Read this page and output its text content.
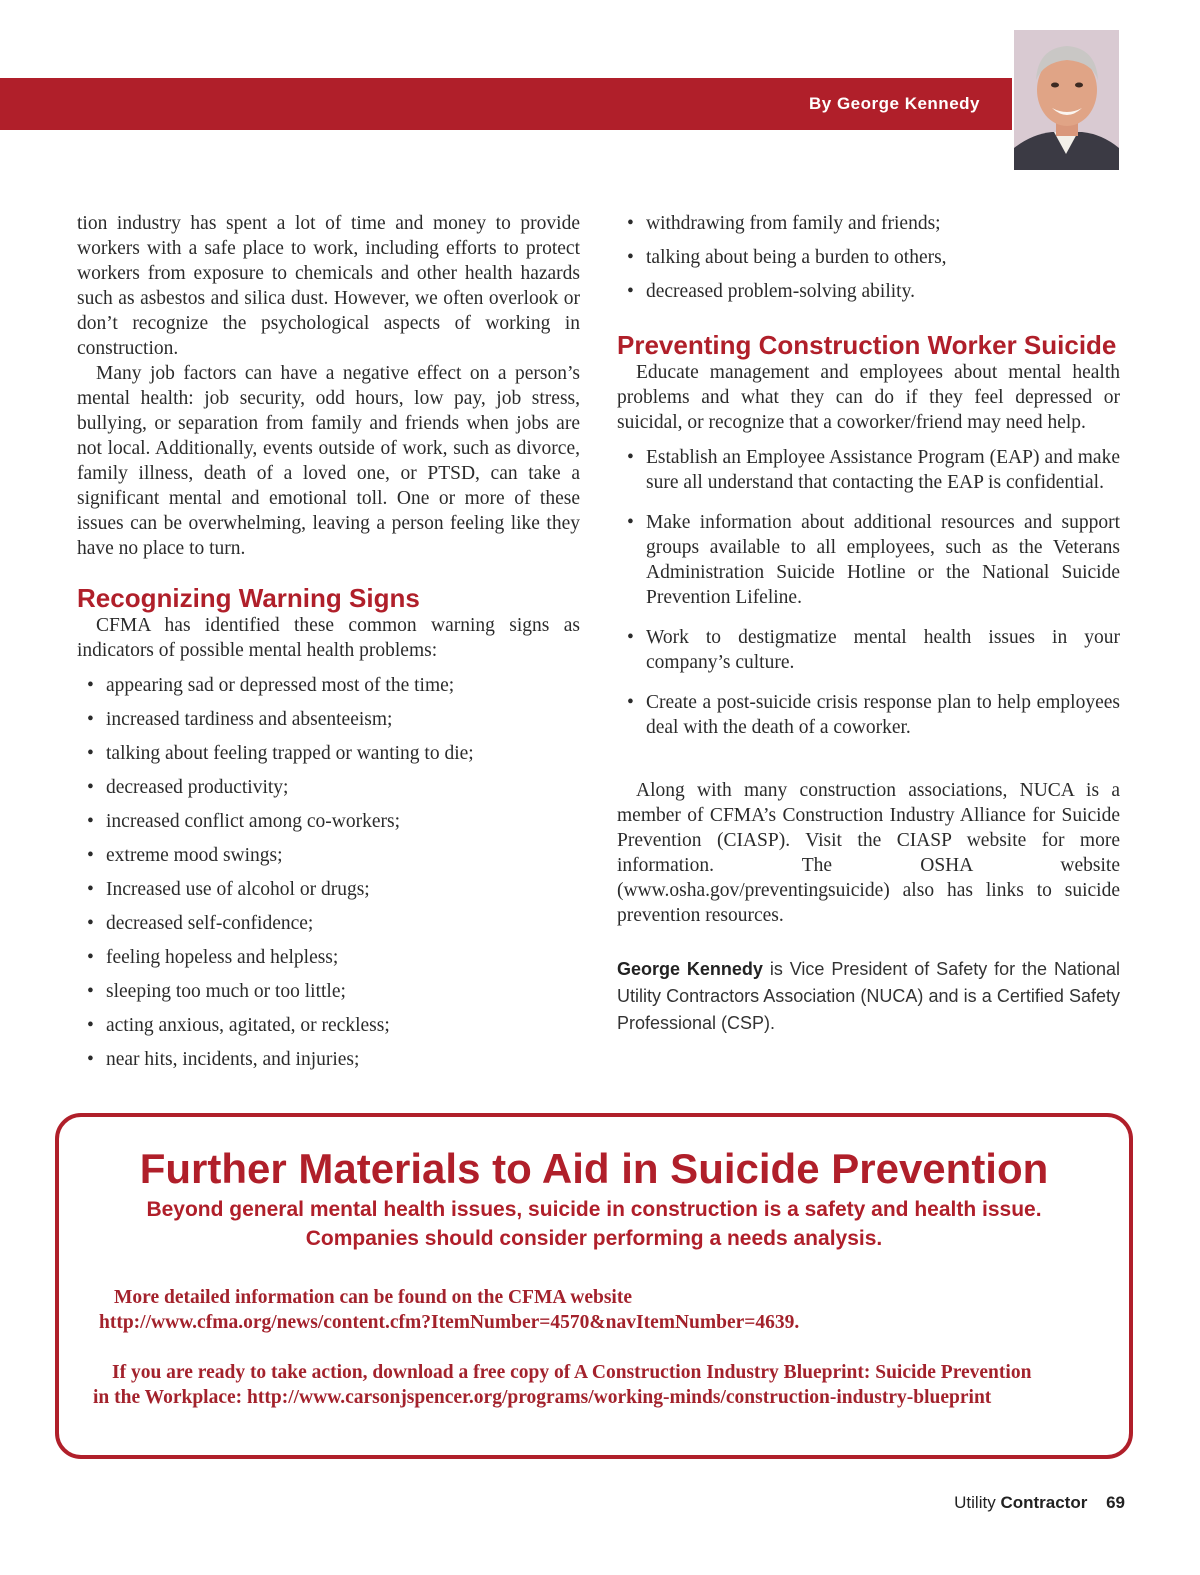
By George Kennedy

tion industry has spent a lot of time and money to provide workers with a safe place to work, including efforts to protect workers from exposure to chemicals and other health hazards such as asbestos and silica dust. However, we often overlook or don’t recognize the psychological aspects of working in construction.

Many job factors can have a negative effect on a person’s mental health: job security, odd hours, low pay, job stress, bullying, or separation from family and friends when jobs are not local. Additionally, events outside of work, such as divorce, family illness, death of a loved one, or PTSD, can take a significant mental and emotional toll. One or more of these issues can be overwhelming, leaving a person feeling like they have no place to turn.

Recognizing Warning Signs

CFMA has identified these common warning signs as indicators of possible mental health problems:

• appearing sad or depressed most of the time;
• increased tardiness and absenteeism;
• talking about feeling trapped or wanting to die;
• decreased productivity;
• increased conflict among co-workers;
• extreme mood swings;
• Increased use of alcohol or drugs;
• decreased self-confidence;
• feeling hopeless and helpless;
• sleeping too much or too little;
• acting anxious, agitated, or reckless;
• near hits, incidents, and injuries;
• withdrawing from family and friends;
• talking about being a burden to others,
• decreased problem-solving ability.
Preventing Construction Worker Suicide

Educate management and employees about mental health problems and what they can do if they feel depressed or suicidal, or recognize that a coworker/friend may need help.

• Establish an Employee Assistance Program (EAP) and make sure all understand that contacting the EAP is confidential.
• Make information about additional resources and support groups available to all employees, such as the Veterans Administration Suicide Hotline or the National Suicide Prevention Lifeline.
• Work to destigmatize mental health issues in your company’s culture.
• Create a post-suicide crisis response plan to help employees deal with the death of a coworker.

Along with many construction associations, NUCA is a member of CFMA’s Construction Industry Alliance for Suicide Prevention (CIASP). Visit the CIASP website for more information. The OSHA website (www.osha.gov/preventingsuicide) also has links to suicide prevention resources.

George Kennedy is Vice President of Safety for the National Utility Contractors Association (NUCA) and is a Certified Safety Professional (CSP).

Further Materials to Aid in Suicide Prevention
Beyond general mental health issues, suicide in construction is a safety and health issue.
Companies should consider performing a needs analysis.
More detailed information can be found on the CFMA website
http://www.cfma.org/news/content.cfm?ItemNumber=4570&navItemNumber=4639.
If you are ready to take action, download a free copy of A Construction Industry Blueprint: Suicide Prevention
in the Workplace: http://www.carsonjspencer.org/programs/working-minds/construction-industry-blueprint
Utility Contractor 69
